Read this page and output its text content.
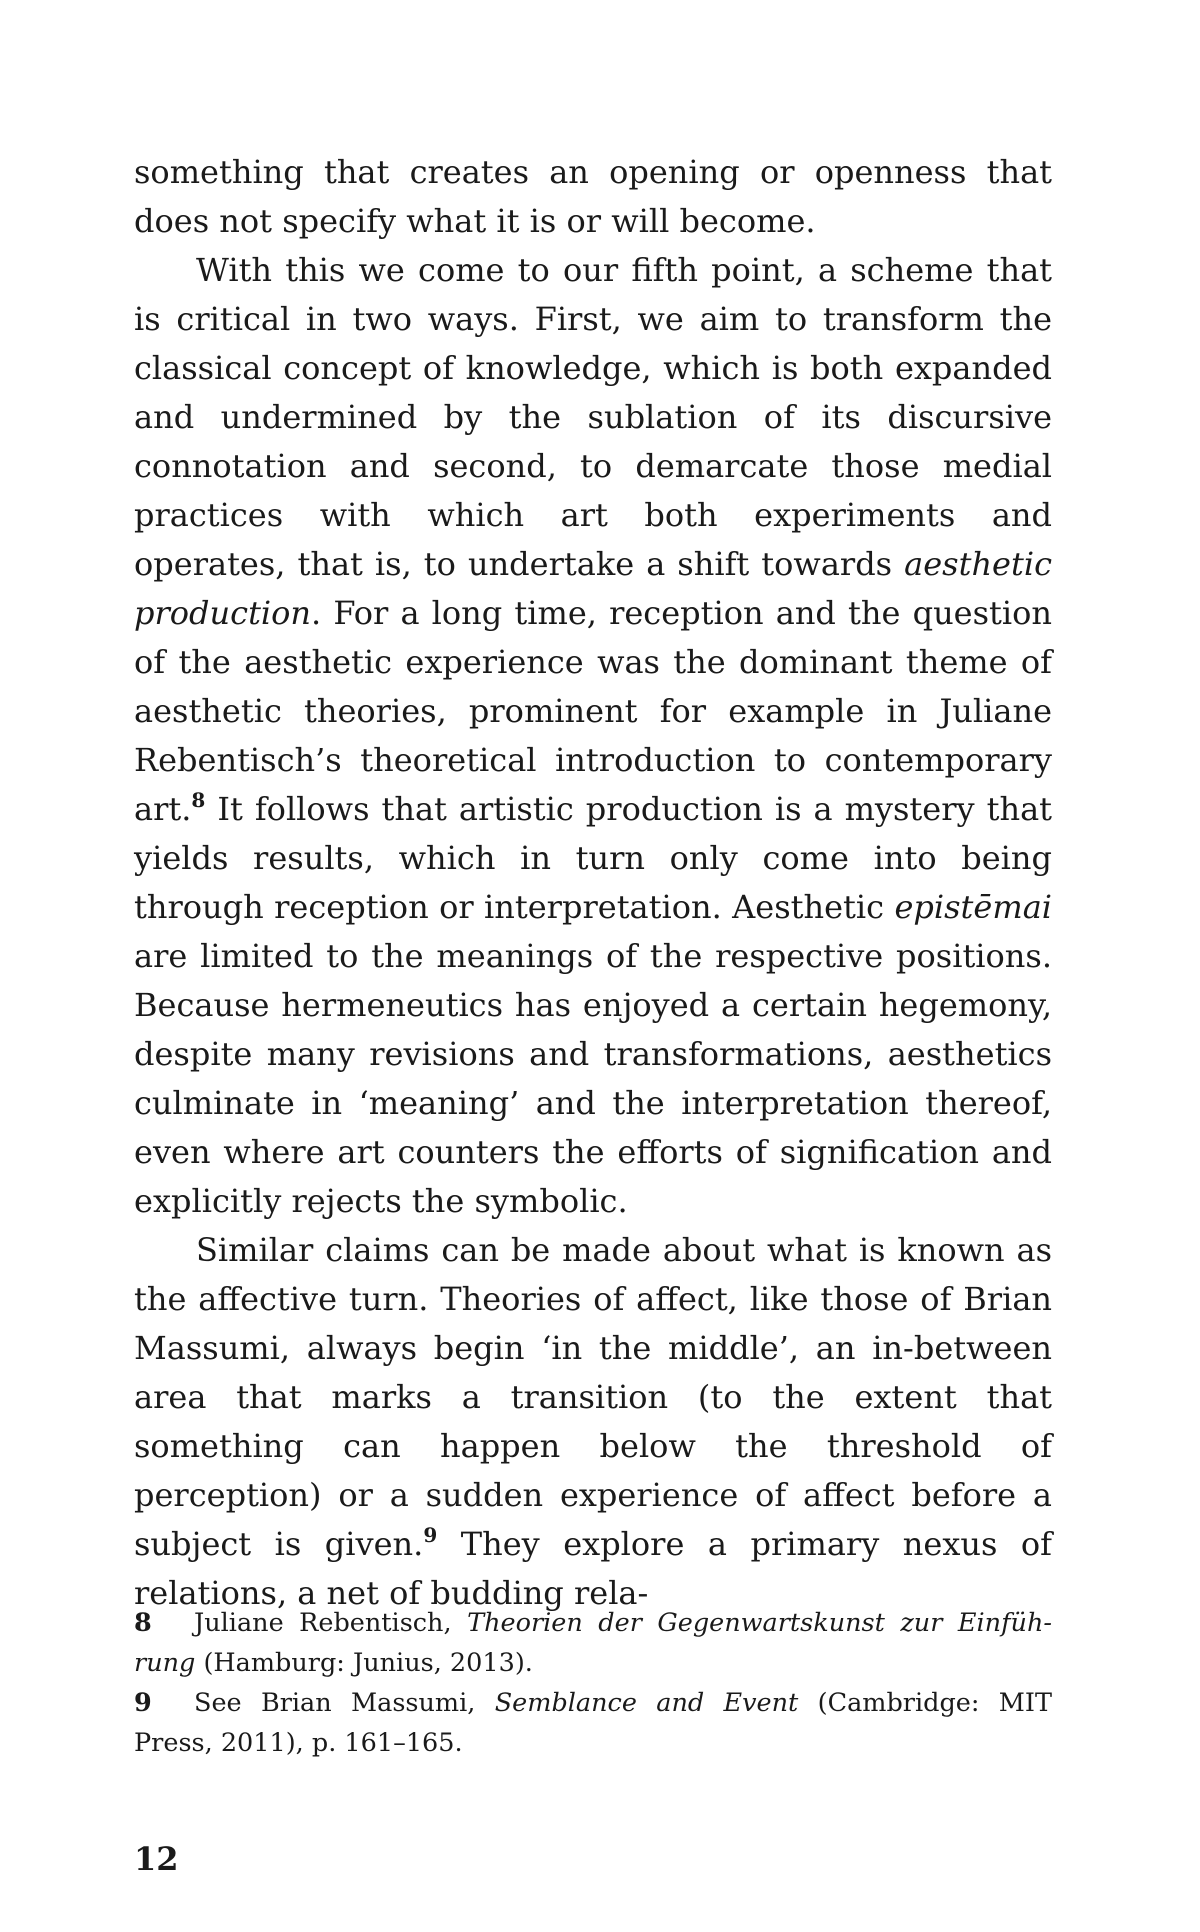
something that creates an opening or openness that does not specify what it is or will become.

With this we come to our fifth point, a scheme that is critical in two ways. First, we aim to transform the classical concept of knowledge, which is both expanded and undermined by the sublation of its discursive connotation and second, to demarcate those medial practices with which art both experiments and operates, that is, to undertake a shift towards aesthetic production. For a long time, reception and the question of the aesthetic experience was the dominant theme of aesthetic theories, prominent for example in Juliane Rebentisch’s theoretical introduction to contemporary art.$^8$ It follows that artistic production is a mystery that yields results, which in turn only come into being through reception or interpretation. Aesthetic epistēmai are limited to the meanings of the respective positions. Because hermeneutics has enjoyed a certain hegemony, despite many revisions and transformations, aesthetics culminate in ‘meaning’ and the interpretation thereof, even where art counters the efforts of signification and explicitly rejects the symbolic.

Similar claims can be made about what is known as the affective turn. Theories of affect, like those of Brian Massumi, always begin ‘in the middle’, an in-between area that marks a transition (to the extent that something can happen below the threshold of perception) or a sudden experience of affect before a subject is given.$^9$ They explore a primary nexus of relations, a net of budding rela-

8 Juliane Rebentisch, Theorien der Gegenwartskunst zur Einführung (Hamburg: Junius, 2013).

9 See Brian Massumi, Semblance and Event (Cambridge: MIT Press, 2011), p. 161–165.

12
